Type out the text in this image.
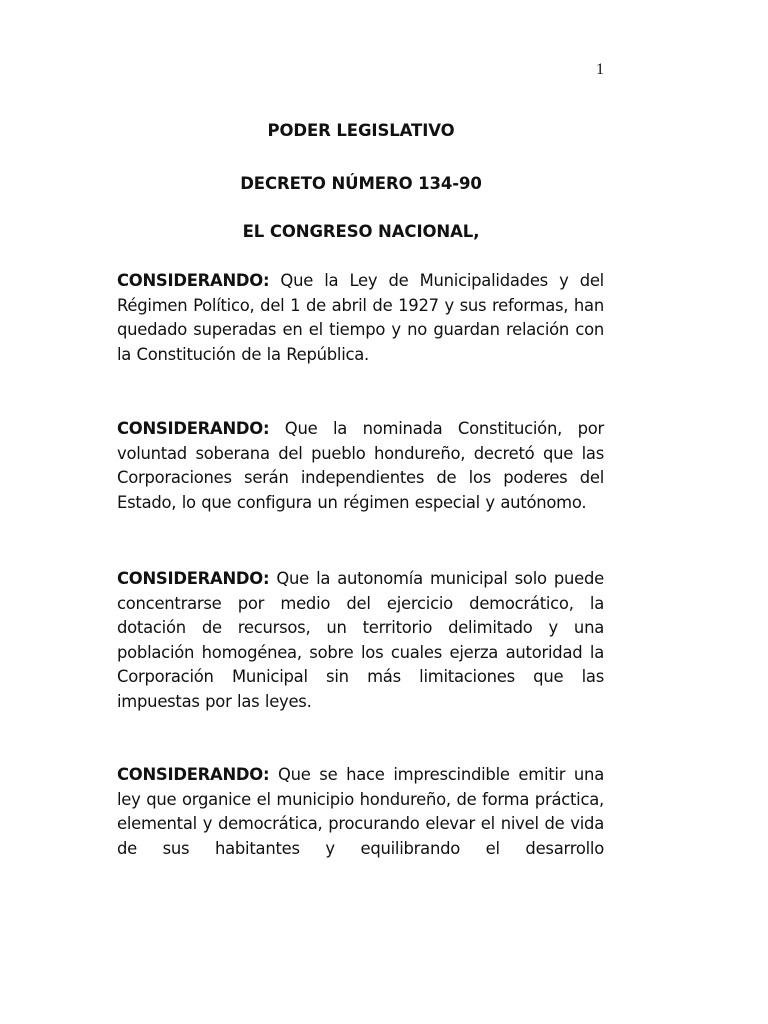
1
PODER LEGISLATIVO
DECRETO NÚMERO 134-90
EL CONGRESO NACIONAL,

CONSIDERANDO: Que la Ley de Municipalidades y del Régimen Político, del 1 de abril de 1927 y sus reformas, han quedado superadas en el tiempo y no guardan relación con la Constitución de la República.

CONSIDERANDO: Que la nominada Constitución, por voluntad soberana del pueblo hondureño, decretó que las Corporaciones serán independientes de los poderes del Estado, lo que configura un régimen especial y autónomo.

CONSIDERANDO: Que la autonomía municipal solo puede concentrarse por medio del ejercicio democrático, la dotación de recursos, un territorio delimitado y una población homogénea, sobre los cuales ejerza autoridad la Corporación Municipal sin más limitaciones que las impuestas por las leyes.

CONSIDERANDO: Que se hace imprescindible emitir una ley que organice el municipio hondureño, de forma práctica, elemental y democrática, procurando elevar el nivel de vida de sus habitantes y equilibrando el desarrollo
